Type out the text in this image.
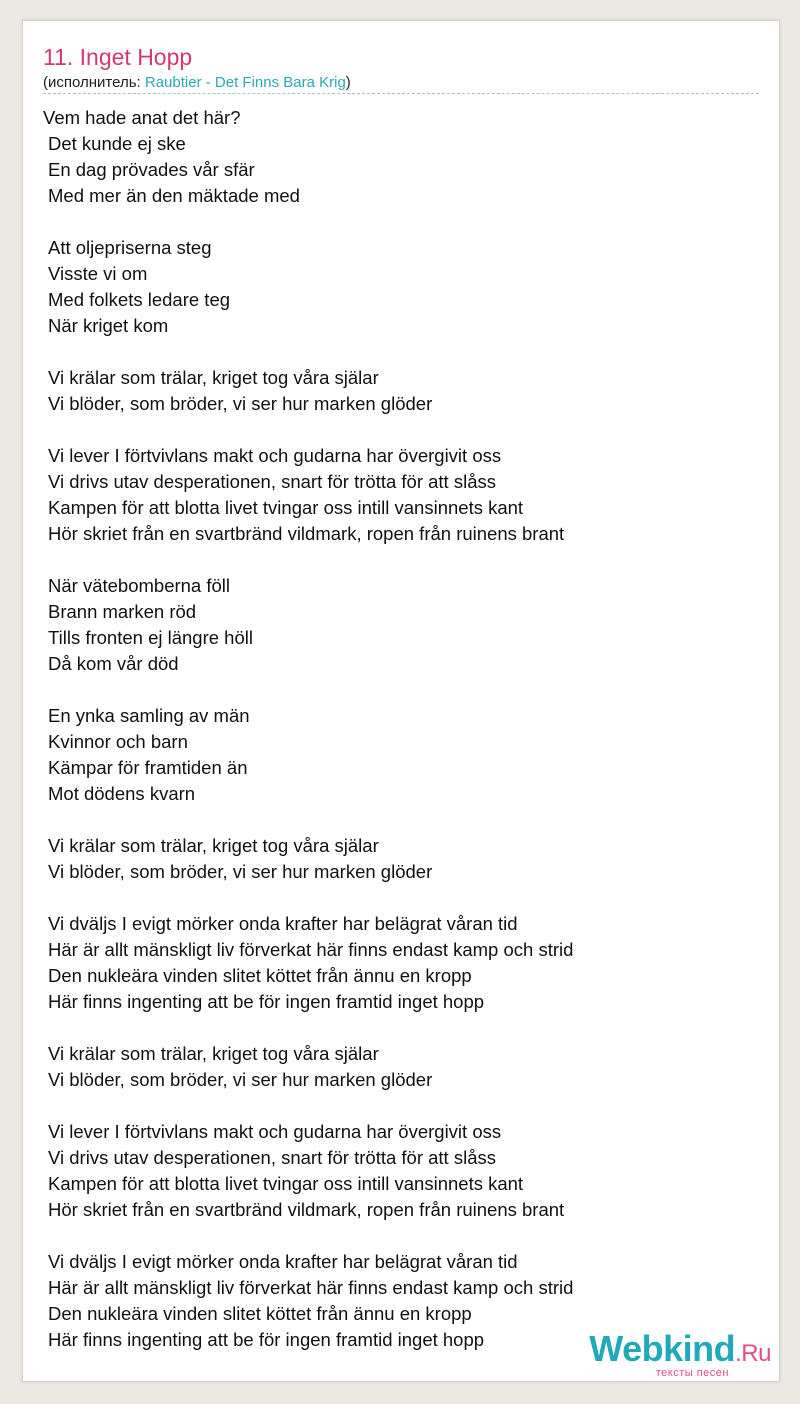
11. Inget Hopp
(исполнитель: Raubtier - Det Finns Bara Krig)
Vem hade anat det här?
Det kunde ej ske
En dag prövades vår sfär
Med mer än den mäktade med
Att oljepriserna steg
Visste vi om
Med folkets ledare teg
När kriget kom
Vi krälar som trälar, kriget tog våra själar
Vi blöder, som bröder, vi ser hur marken glöder
Vi lever I förtvivlans makt och gudarna har övergivit oss
Vi drivs utav desperationen, snart för trötta för att slåss
Kampen för att blotta livet tvingar oss intill vansinnets kant
Hör skriet från en svartbränd vildmark, ropen från ruinens brant
När vätebomberna föll
Brann marken röd
Tills fronten ej längre höll
Då kom vår död
En ynka samling av män
Kvinnor och barn
Kämpar för framtiden än
Mot dödens kvarn
Vi krälar som trälar, kriget tog våra själar
Vi blöder, som bröder, vi ser hur marken glöder
Vi dväljs I evigt mörker onda krafter har belägrat våran tid
Här är allt mänskligt liv förverkat här finns endast kamp och strid
Den nukleära vinden slitet köttet från ännu en kropp
Här finns ingenting att be för ingen framtid inget hopp
Vi krälar som trälar, kriget tog våra själar
Vi blöder, som bröder, vi ser hur marken glöder
Vi lever I förtvivlans makt och gudarna har övergivit oss
Vi drivs utav desperationen, snart för trötta för att slåss
Kampen för att blotta livet tvingar oss intill vansinnets kant
Hör skriet från en svartbränd vildmark, ropen från ruinens brant
Vi dväljs I evigt mörker onda krafter har belägrat våran tid
Här är allt mänskligt liv förverkat här finns endast kamp och strid
Den nukleära vinden slitet köttet från ännu en kropp
Här finns ingenting att be för ingen framtid inget hopp	Webkind.Ru
тексты песен
